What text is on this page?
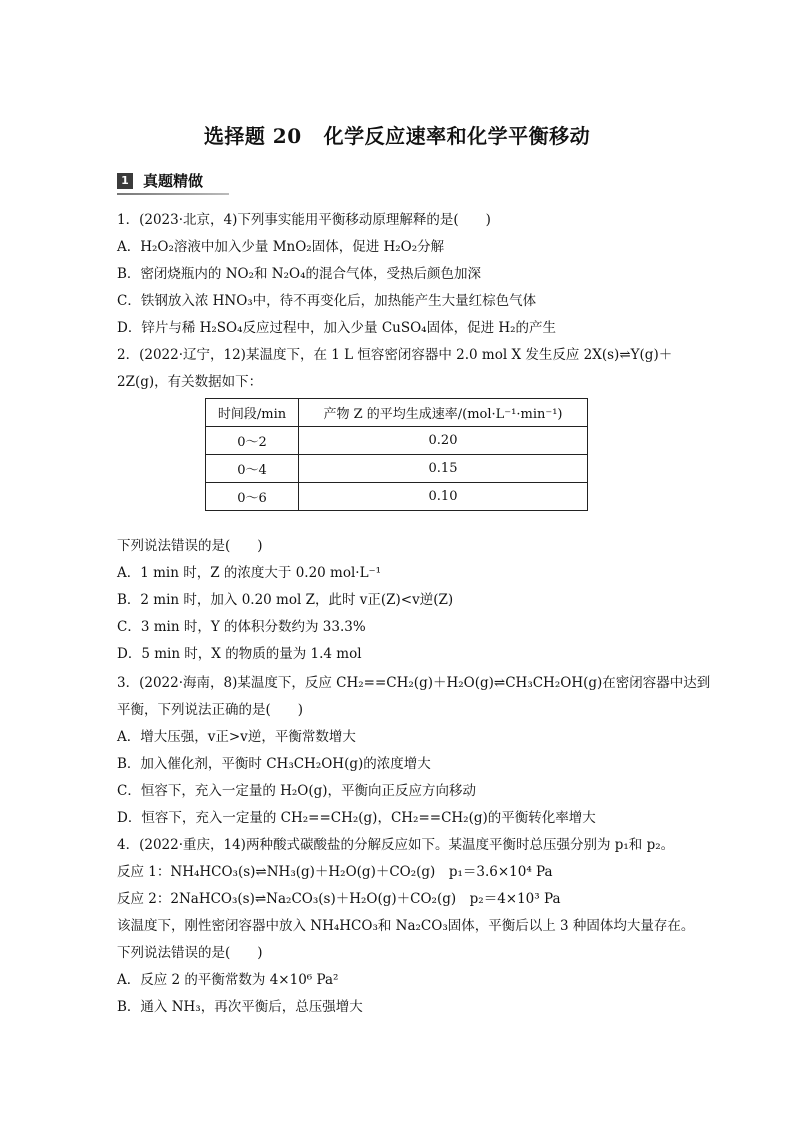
选择题 20 化学反应速率和化学平衡移动
1 真题精做
1．(2023·北京，4)下列事实能用平衡移动原理解释的是(　　)
A．H₂O₂溶液中加入少量 MnO₂固体，促进 H₂O₂分解
B．密闭烧瓶内的 NO₂和 N₂O₄的混合气体，受热后颜色加深
C．铁钢放入浓 HNO₃中，待不再变化后，加热能产生大量红棕色气体
D．锌片与稀 H₂SO₄反应过程中，加入少量 CuSO₄固体，促进 H₂的产生
2．(2022·辽宁，12)某温度下，在 1 L 恒容密闭容器中 2.0 mol X 发生反应 2X(s)⇌Y(g)＋
2Z(g)，有关数据如下：
时间段/min	产物 Z 的平均生成速率/(mol·L⁻¹·min⁻¹)
0～2	0.20
0～4	0.15
0～6	0.10
下列说法错误的是(　　)
A．1 min 时，Z 的浓度大于 0.20 mol·L⁻¹
B．2 min 时，加入 0.20 mol Z，此时 v正(Z)<v逆(Z)
C．3 min 时，Y 的体积分数约为 33.3%
D．5 min 时，X 的物质的量为 1.4 mol
3．(2022·海南，8)某温度下，反应 CH₂==CH₂(g)＋H₂O(g)⇌CH₃CH₂OH(g)在密闭容器中达到
平衡，下列说法正确的是(　　)
A．增大压强，v正>v逆，平衡常数增大
B．加入催化剂，平衡时 CH₃CH₂OH(g)的浓度增大
C．恒容下，充入一定量的 H₂O(g)，平衡向正反应方向移动
D．恒容下，充入一定量的 CH₂==CH₂(g)，CH₂==CH₂(g)的平衡转化率增大
4．(2022·重庆，14)两种酸式碳酸盐的分解反应如下。某温度平衡时总压强分别为 p₁和 p₂。
反应 1：NH₄HCO₃(s)⇌NH₃(g)＋H₂O(g)＋CO₂(g)　p₁＝3.6×10⁴ Pa
反应 2：2NaHCO₃(s)⇌Na₂CO₃(s)＋H₂O(g)＋CO₂(g)　p₂＝4×10³ Pa
该温度下，刚性密闭容器中放入 NH₄HCO₃和 Na₂CO₃固体，平衡后以上 3 种固体均大量存在。
下列说法错误的是(　　)
A．反应 2 的平衡常数为 4×10⁶ Pa²
B．通入 NH₃，再次平衡后，总压强增大
